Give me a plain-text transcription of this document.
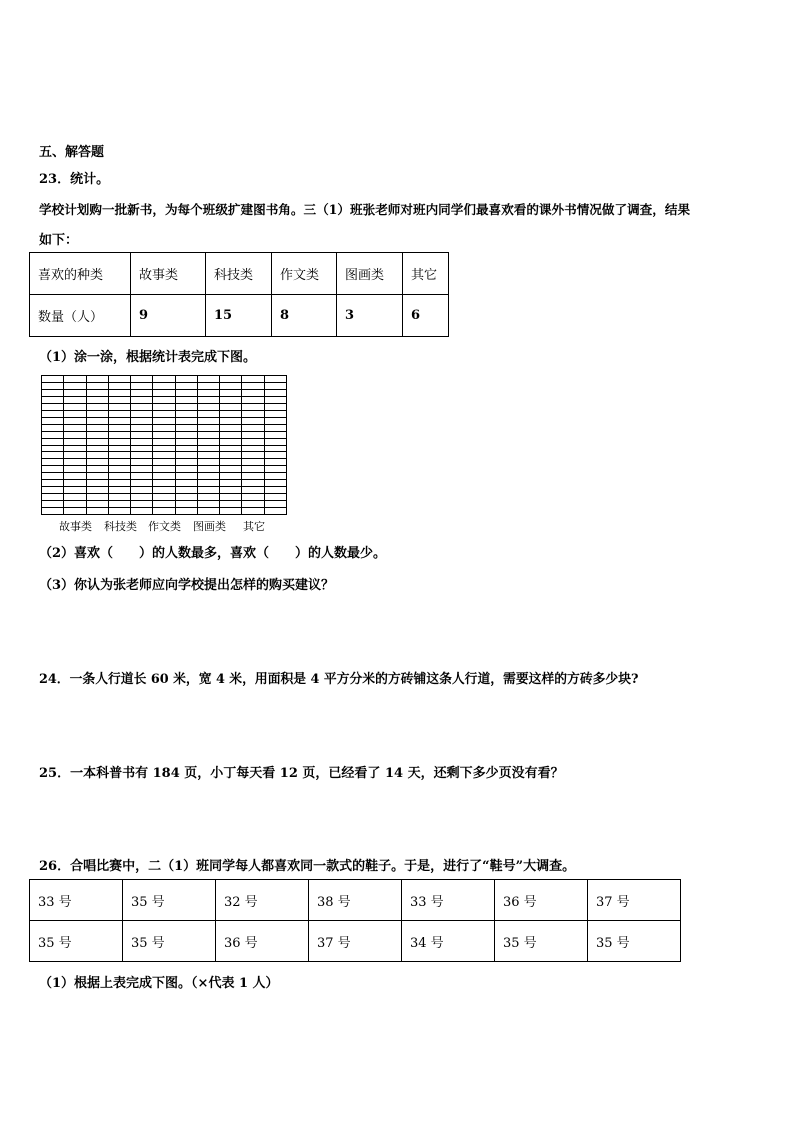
五、解答题
23．统计。
学校计划购一批新书，为每个班级扩建图书角。三（1）班张老师对班内同学们最喜欢看的课外书情况做了调查，结果
如下：
喜欢的种类	故事类	科技类	作文类	图画类	其它
数量（人）	9	15	8	3	6
（1）涂一涂，根据统计表完成下图。
故事类 科技类 作文类 图画类 其它
（2）喜欢（　　）的人数最多，喜欢（　　）的人数最少。
（3）你认为张老师应向学校提出怎样的购买建议？
24．一条人行道长 60 米，宽 4 米，用面积是 4 平方分米的方砖铺这条人行道，需要这样的方砖多少块?
25．一本科普书有 184 页，小丁每天看 12 页，已经看了 14 天，还剩下多少页没有看？
26．合唱比赛中，二（1）班同学每人都喜欢同一款式的鞋子。于是，进行了“鞋号”大调查。
33 号	35 号	32 号	38 号	33 号	36 号	37 号
35 号	35 号	36 号	37 号	34 号	35 号	35 号
（1）根据上表完成下图。（×代表 1 人）
